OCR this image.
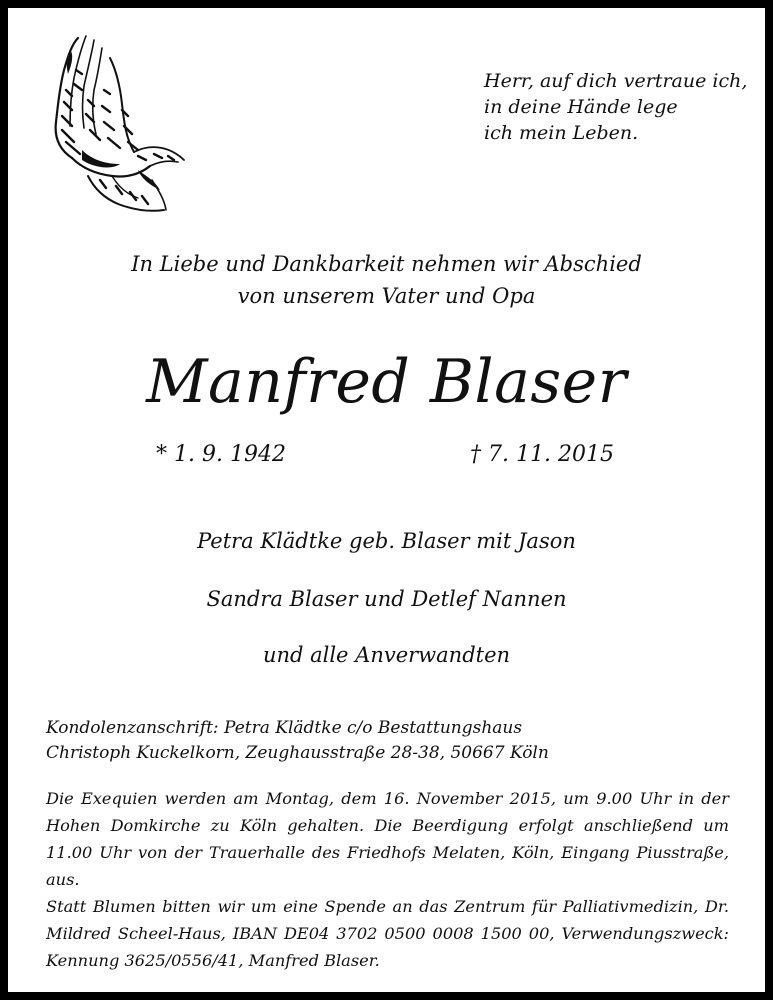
Herr, auf dich vertraue ich,
in deine Hände lege
ich mein Leben.
In Liebe und Dankbarkeit nehmen wir Abschied
von unserem Vater und Opa
Manfred Blaser
* 1. 9. 1942	† 7. 11. 2015
Petra Klädtke geb. Blaser mit Jason
Sandra Blaser und Detlef Nannen
und alle Anverwandten
Kondolenzanschrift: Petra Klädtke c/o Bestattungshaus
Christoph Kuckelkorn, Zeughausstraße 28-38, 50667 Köln

Die Exequien werden am Montag, dem 16. November 2015, um 9.00 Uhr in der Hohen Domkirche zu Köln gehalten. Die Beerdigung erfolgt anschließend um 11.00 Uhr von der Trauerhalle des Friedhofs Melaten, Köln, Eingang Piusstraße, aus.

Statt Blumen bitten wir um eine Spende an das Zentrum für Palliativmedizin, Dr. Mildred Scheel-Haus, IBAN DE04 3702 0500 0008 1500 00, Verwendungszweck: Kennung 3625/0556/41, Manfred Blaser.
